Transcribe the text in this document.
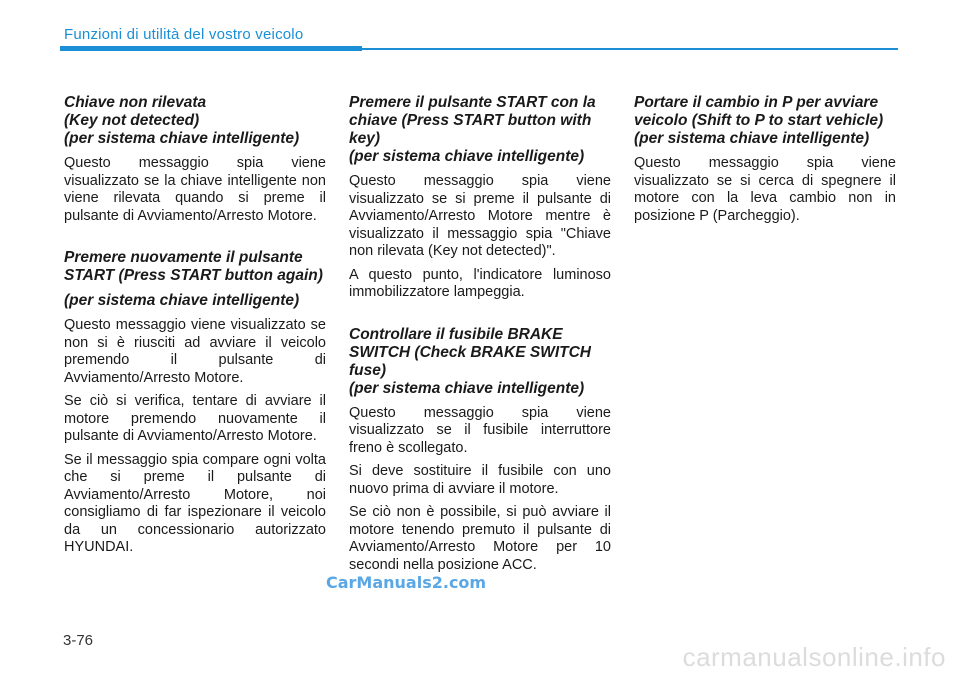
Funzioni di utilità del vostro veicolo
Chiave non rilevata
(Key not detected)
(per sistema chiave intelligente)

Questo messaggio spia viene visualizzato se la chiave intelligente non viene rilevata quando si preme il pulsante di Avviamento/Arresto Motore.

Premere nuovamente il pulsante START (Press START button again)
(per sistema chiave intelligente)

Questo messaggio viene visualizzato se non si è riusciti ad avviare il veicolo premendo il pulsante di Avviamento/Arresto Motore.

Se ciò si verifica, tentare di avviare il motore premendo nuovamente il pulsante di Avviamento/Arresto Motore.

Se il messaggio spia compare ogni volta che si preme il pulsante di Avviamento/Arresto Motore, noi consigliamo di far ispezionare il veicolo da un concessionario autorizzato HYUNDAI.

Premere il pulsante START con la chiave (Press START button with key)
(per sistema chiave intelligente)

Questo messaggio spia viene visualizzato se si preme il pulsante di Avviamento/Arresto Motore mentre è visualizzato il messaggio spia "Chiave non rilevata (Key not detected)".

A questo punto, l'indicatore luminoso immobilizzatore lampeggia.

Controllare il fusibile BRAKE SWITCH (Check BRAKE SWITCH fuse)
(per sistema chiave intelligente)

Questo messaggio spia viene visualizzato se il fusibile interruttore freno è scollegato.

Si deve sostituire il fusibile con uno nuovo prima di avviare il motore.

Se ciò non è possibile, si può avviare il motore tenendo premuto il pulsante di Avviamento/Arresto Motore per 10 secondi nella posizione ACC.

Portare il cambio in P per avviare veicolo (Shift to P to start vehicle)
(per sistema chiave intelligente)

Questo messaggio spia viene visualizzato se si cerca di spegnere il motore con la leva cambio non in posizione P (Parcheggio).

3-76
CarManuals2.com
carmanualsonline.info
